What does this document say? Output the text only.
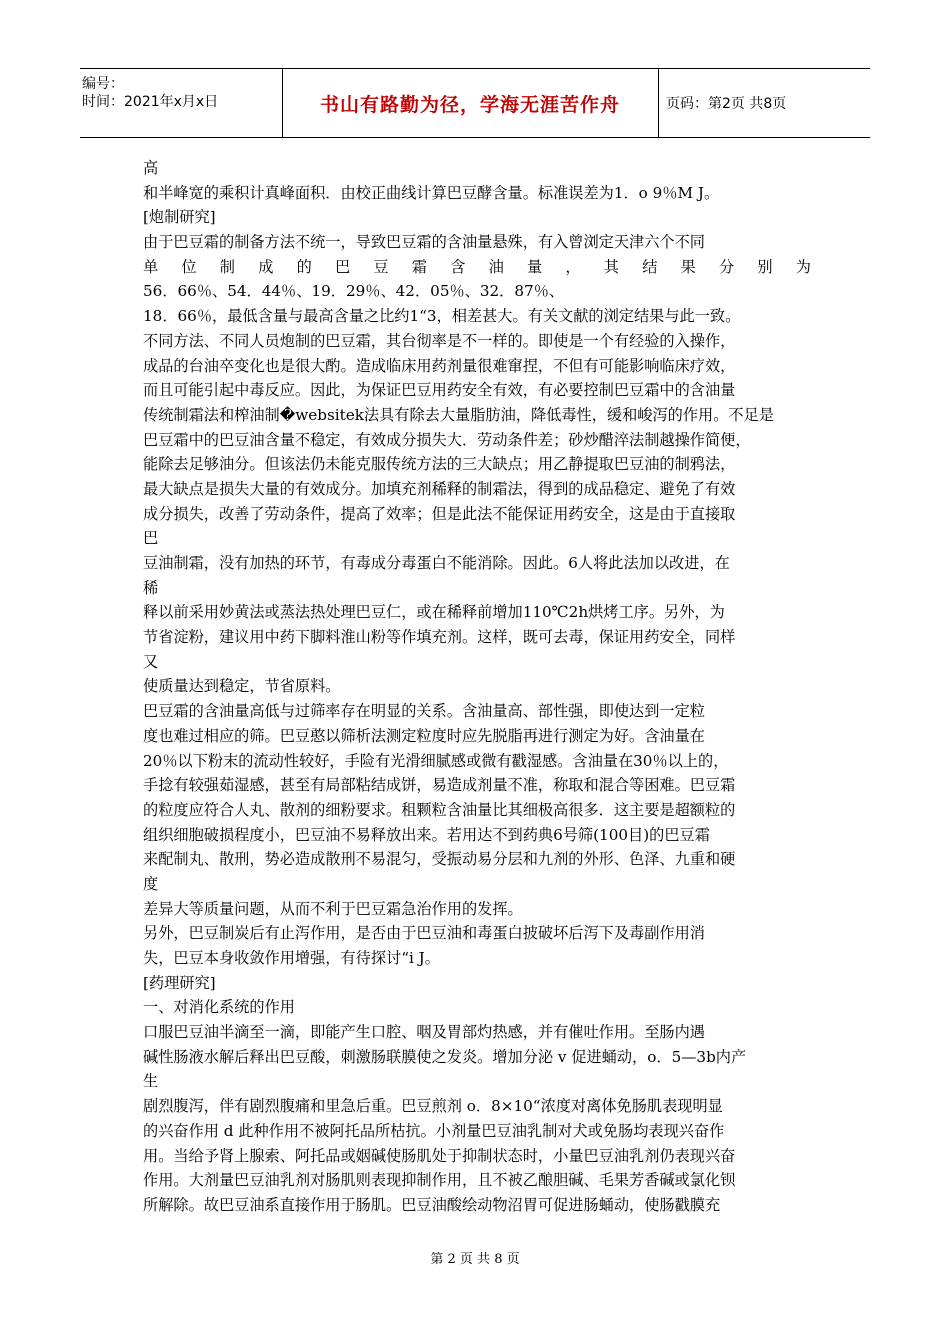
编号：
时间：2021年x月x日	书山有路勤为径，学海无涯苦作舟	页码：第2页 共8页
高
和半峰宽的乘积计真峰面积．由校正曲线计算巴豆酵含量。标准误差为1．o 9％M J。
[炮制研究]
由于巴豆霜的制备方法不统一，导致巴豆霜的含油量悬殊，有入曾浏定天津六个不同
单 位 制 成 的 巴 豆 霜 含 油 量 ， 其 结 果 分 别 为
56．66％、54．44％、19．29％、42．05％、32．87％、
18．66％，最低含量与最高含量之比约1“3，相差甚大。有关文献的浏定结果与此一致。
不同方法、不同人员炮制的巴豆霜，其台彻率是不一样的。即使是一个有经验的入操作，
成品的台油卒变化也是很大酌。造成临床用药剂量很难窜捏，不但有可能影响临床疗效，
而且可能引起中毒反应。因此，为保证巴豆用药安全有效，有必要控制巴豆霜中的含油量
传统制霜法和榨油制�websitek法具有除去大量脂肪油，降低毒性，缓和峻泻的作用。不足是
巴豆霜中的巴豆油含量不稳定，有效成分损失大．劳动条件差；砂炒醋淬法制越操作简便，
能除去足够油分。但该法仍未能克服传统方法的三大缺点；用乙静提取巴豆油的制鸦法，
最大缺点是损失大量的有效成分。加填充剂稀释的制霜法，得到的成品稳定、避免了有效
成分损失，改善了劳动条件，提高了效率；但是此法不能保证用药安全，这是由于直接取
巴
豆油制霜，没有加热的环节，有毒成分毒蛋白不能消除。因此。6人将此法加以改进，在
稀
释以前采用妙黄法或蒸法热处理巴豆仁，或在稀释前增加110℃2h烘烤工序。另外，为
节省淀粉，建议用中药下脚料淮山粉等作填充剂。这样，既可去毒，保证用药安全，同样
又
使质量达到稳定，节省原料。
巴豆霜的含油量高低与过筛率存在明显的关系。含油量高、部性强，即使达到一定粒
度也难过相应的筛。巴豆憨以筛析法测定粒度时应先脱脂再进行测定为好。含油量在
20％以下粉末的流动性较好，手险有光滑细腻感或微有戳湿感。含油量在30％以上的，
手捻有较强茹湿感，甚至有局部粘结成饼，易造成剂量不准，称取和混合等困难。巴豆霜
的粒度应符合人丸、散剂的细粉要求。租颗粒含油量比其细极高很多．这主要是超额粒的
组织细胞破损程度小，巴豆油不易释放出来。若用达不到药典6号筛(100目)的巴豆霜
来配制丸、散刑，势必造成散刑不易混匀，受振动易分层和九剂的外形、色泽、九重和硬
度
差异大等质量问题，从而不利于巴豆霜急治作用的发挥。
另外，巴豆制炭后有止泻作用，是否由于巴豆油和毒蛋白披破坏后泻下及毒副作用消
失，巴豆本身收敛作用增强，有待探讨“i J。
[药理研究]
一、对消化系统的作用
口服巴豆油半滴至一滴，即能产生口腔、咽及胃部灼热感，并有催吐作用。至肠内遇
碱性肠液水解后释出巴豆酸，刺激肠联膜使之发炎。增加分泌 v 促进蛹动，o．5—3b内产
生
剧烈腹泻，伴有剧烈腹痛和里急后重。巴豆煎剂 o．8×10“浓度对离体免肠肌表现明显
的兴奋作用 d 此种作用不被阿托品所枯抗。小剂量巴豆油乳制对犬或免肠均表现兴奋作
用。当给予肾上腺索、阿托品或姻碱使肠肌处于抑制状态时，小量巴豆油乳剂仍表现兴奋
作用。大剂量巴豆油乳剂对肠肌则表现抑制作用，且不被乙酿胆碱、毛果芳香碱或氯化钡
所解除。故巴豆油系直接作用于肠肌。巴豆油酸绘动物沼胃可促进肠蛹动，使肠戳膜充
第 2 页 共 8 页
